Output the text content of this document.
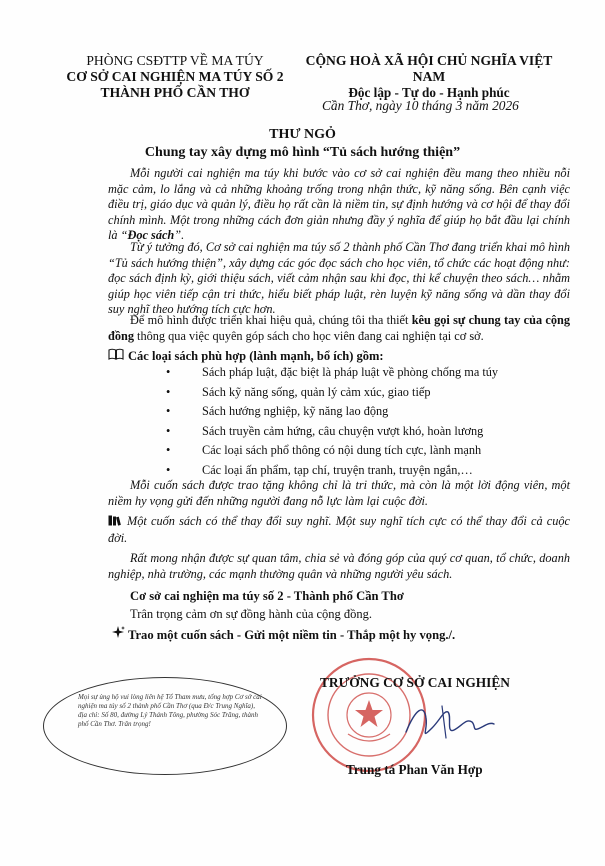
PHÒNG CSĐTTP VỀ MA TÚY
CƠ SỞ CAI NGHIỆN MA TÚY SỐ 2
THÀNH PHỐ CẦN THƠ
CỘNG HOÀ XÃ HỘI CHỦ NGHĨA VIỆT NAM
Độc lập - Tự do - Hạnh phúc
Cần Thơ, ngày 10 tháng 3 năm 2026
THƯ NGỎ
Chung tay xây dựng mô hình “Tủ sách hướng thiện”
Mỗi người cai nghiện ma túy khi bước vào cơ sở cai nghiện đều mang theo nhiều nỗi mặc cảm, lo lắng và cả những khoảng trống trong nhận thức, kỹ năng sống. Bên cạnh việc điều trị, giáo dục và quản lý, điều họ rất cần là niềm tin, sự định hướng và cơ hội để thay đổi chính mình. Một trong những cách đơn giản nhưng đầy ý nghĩa để giúp họ bắt đầu lại chính là “Đọc sách”.
Từ ý tưởng đó, Cơ sở cai nghiện ma túy số 2 thành phố Cần Thơ đang triển khai mô hình “Tủ sách hướng thiện”, xây dựng các góc đọc sách cho học viên, tổ chức các hoạt động như: đọc sách định kỳ, giới thiệu sách, viết cảm nhận sau khi đọc, thi kể chuyện theo sách… nhằm giúp học viên tiếp cận tri thức, hiểu biết pháp luật, rèn luyện kỹ năng sống và dần thay đổi suy nghĩ theo hướng tích cực hơn.
Để mô hình được triển khai hiệu quả, chúng tôi tha thiết kêu gọi sự chung tay của cộng đồng thông qua việc quyên góp sách cho học viên đang cai nghiện tại cơ sở.
Các loại sách phù hợp (lành mạnh, bổ ích) gồm:
• Sách pháp luật, đặc biệt là pháp luật về phòng chống ma túy
• Sách kỹ năng sống, quản lý cảm xúc, giao tiếp
• Sách hướng nghiệp, kỹ năng lao động
• Sách truyền cảm hứng, câu chuyện vượt khó, hoàn lương
• Các loại sách phổ thông có nội dung tích cực, lành mạnh
• Các loại ấn phẩm, tạp chí, truyện tranh, truyện ngắn,…
Mỗi cuốn sách được trao tặng không chỉ là tri thức, mà còn là một lời động viên, một niềm hy vọng gửi đến những người đang nỗ lực làm lại cuộc đời.
Một cuốn sách có thể thay đổi suy nghĩ. Một suy nghĩ tích cực có thể thay đổi cả cuộc đời.
Rất mong nhận được sự quan tâm, chia sẻ và đóng góp của quý cơ quan, tổ chức, doanh nghiệp, nhà trường, các mạnh thường quân và những người yêu sách.
Cơ sở cai nghiện ma túy số 2 - Thành phố Cần Thơ
Trân trọng cảm ơn sự đồng hành của cộng đồng.
Trao một cuốn sách - Gửi một niềm tin - Thắp một hy vọng./.
Mọi sự ủng hộ vui lòng liên hệ Tổ Tham mưu, tổng hợp Cơ sở cai nghiện ma túy số 2 thành phố Cần Thơ (qua Đ/c Trung Nghĩa), địa chỉ: Số 80, đường Lý Thánh Tông, phường Sóc Trăng, thành phố Cần Thơ. Trân trọng!
TRƯỞNG CƠ SỞ CAI NGHIỆN
Trung tá Phan Văn Hợp
